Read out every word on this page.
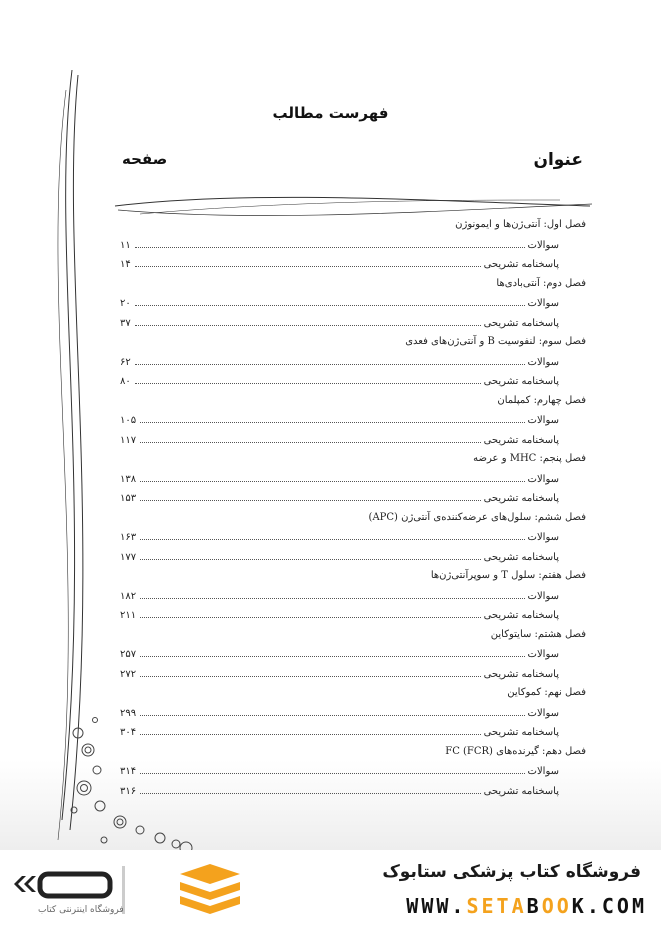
فهرست مطالب
صفحه	عنوان
فصل اول: آنتی‌ژن‌ها و ایمونوژن
سوالات
۱۱
پاسخنامه تشریحی
۱۴
فصل دوم: آنتی‌بادی‌ها
سوالات
۲۰
پاسخنامه تشریحی
۳۷
فصل سوم: لنفوسیت B و آنتی‌ژن‌های فعدی
سوالات
۶۲
پاسخنامه تشریحی
۸۰
فصل چهارم: کمپلمان
سوالات
۱۰۵
پاسخنامه تشریحی
۱۱۷
فصل پنجم: MHC و عرضه
سوالات
۱۳۸
پاسخنامه تشریحی
۱۵۳
فصل ششم: سلول‌های عرضه‌کننده‌ی آنتی‌ژن (APC)
سوالات
۱۶۳
پاسخنامه تشریحی
۱۷۷
فصل هفتم: سلول T و سوپرآنتی‌ژن‌ها
سوالات
۱۸۲
پاسخنامه تشریحی
۲۱۱
فصل هشتم: سایتوکاین
سوالات
۲۵۷
پاسخنامه تشریحی
۲۷۲
فصل نهم: کموکاین
سوالات
۲۹۹
پاسخنامه تشریحی
۳۰۴
فصل دهم: گیرنده‌های FC (FCR)
سوالات
۳۱۴
پاسخنامه تشریحی
۳۱۶
فروشگاه اینترنتی کتاب
فروشگاه کتاب پزشکی ستابوک
WWW.SETABOOK.COM
